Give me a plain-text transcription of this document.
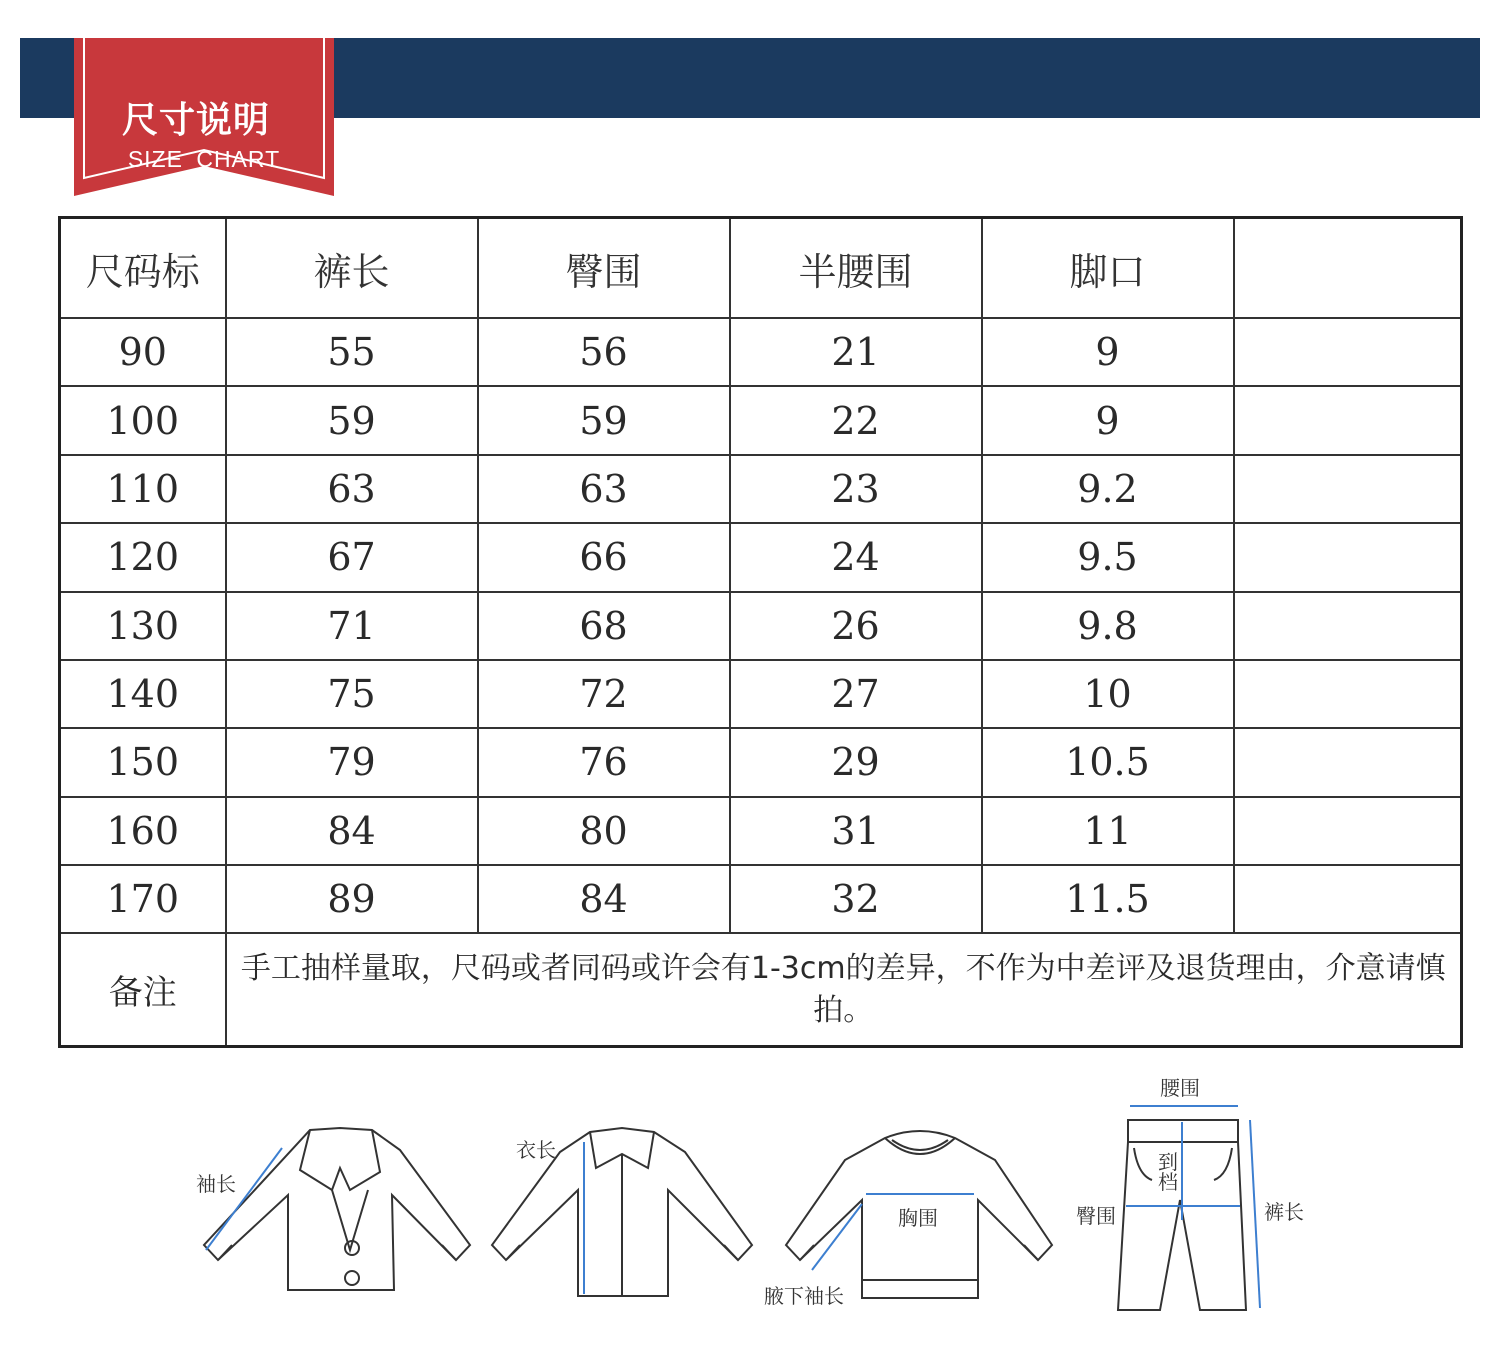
尺寸说明
SIZE CHART
尺码标	裤长	臀围	半腰围	脚口	
90	55	56	21	9	
100	59	59	22	9	
110	63	63	23	9.2	
120	67	66	24	9.5	
130	71	68	26	9.8	
140	75	72	27	10	
150	79	76	29	10.5	
160	84	80	31	11	
170	89	84	32	11.5	
备注	手工抽样量取，尺码或者同码或许会有1-3cm的差异，不作为中差评及退货理由，介意请慎拍。				
袖长
衣长
胸围
腋下袖长
腰围
到档
臀围	裤长
